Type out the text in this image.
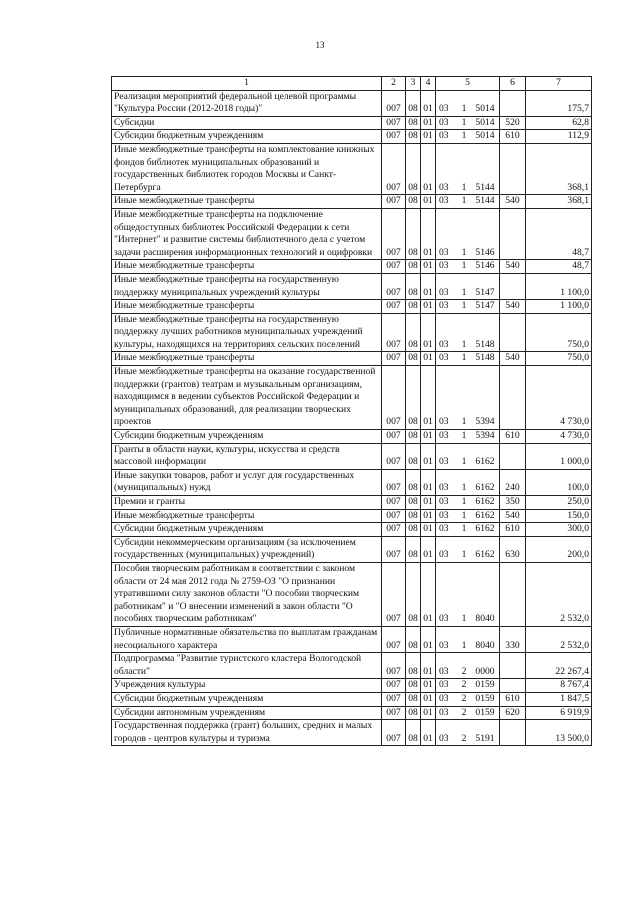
13
1	2	3	4	5	6	7
Реализация мероприятий федеральной целевой программы "Культура России (2012-2018 годы)"	007	08	01	03 1 5014		175,7
Субсидии	007	08	01	03 1 5014	520	62,8
Субсидии бюджетным учреждениям	007	08	01	03 1 5014	610	112,9
Иные межбюджетные трансферты на комплектование книжных фондов библиотек муниципальных образований и государственных библиотек городов Москвы и Санкт-Петербурга	007	08	01	03 1 5144		368,1
Иные межбюджетные трансферты	007	08	01	03 1 5144	540	368,1
Иные межбюджетные трансферты на подключение общедоступных библиотек Российской Федерации к сети "Интернет" и развитие системы библиотечного дела с учетом задачи расширения информационных технологий и оцифровки	007	08	01	03 1 5146		48,7
Иные межбюджетные трансферты	007	08	01	03 1 5146	540	48,7
Иные межбюджетные трансферты на государственную поддержку муниципальных учреждений культуры	007	08	01	03 1 5147		1 100,0
Иные межбюджетные трансферты	007	08	01	03 1 5147	540	1 100,0
Иные межбюджетные трансферты на государственную поддержку лучших работников муниципальных учреждений культуры, находящихся на территориях сельских поселений	007	08	01	03 1 5148		750,0
Иные межбюджетные трансферты	007	08	01	03 1 5148	540	750,0
Иные межбюджетные трансферты на оказание государственной поддержки (грантов) театрам и музыкальным организациям, находящимся в ведении субъектов Российской Федерации и муниципальных образований, для реализации творческих проектов	007	08	01	03 1 5394		4 730,0
Субсидии бюджетным учреждениям	007	08	01	03 1 5394	610	4 730,0
Гранты в области науки, культуры, искусства и средств массовой информации	007	08	01	03 1 6162		1 000,0
Иные закупки товаров, работ и услуг для государственных (муниципальных) нужд	007	08	01	03 1 6162	240	100,0
Премии и гранты	007	08	01	03 1 6162	350	250,0
Иные межбюджетные трансферты	007	08	01	03 1 6162	540	150,0
Субсидии бюджетным учреждениям	007	08	01	03 1 6162	610	300,0
Субсидии некоммерческим организациям (за исключением государственных (муниципальных) учреждений)	007	08	01	03 1 6162	630	200,0
Пособия творческим работникам в соответствии с законом области от 24 мая 2012 года № 2759-ОЗ "О признании утратившими силу законов области "О пособии творческим работникам" и "О внесении изменений в закон области "О пособиях творческим работникам"	007	08	01	03 1 8040		2 532,0
Публичные нормативные обязательства по выплатам гражданам несоциального характера	007	08	01	03 1 8040	330	2 532,0
Подпрограмма "Развитие туристского кластера Вологодской области"	007	08	01	03 2 0000		22 267,4
Учреждения культуры	007	08	01	03 2 0159		8 767,4
Субсидии бюджетным учреждениям	007	08	01	03 2 0159	610	1 847,5
Субсидии автономным учреждениям	007	08	01	03 2 0159	620	6 919,9
Государственная поддержка (грант) больших, средних и малых городов - центров культуры и туризма	007	08	01	03 2 5191		13 500,0
